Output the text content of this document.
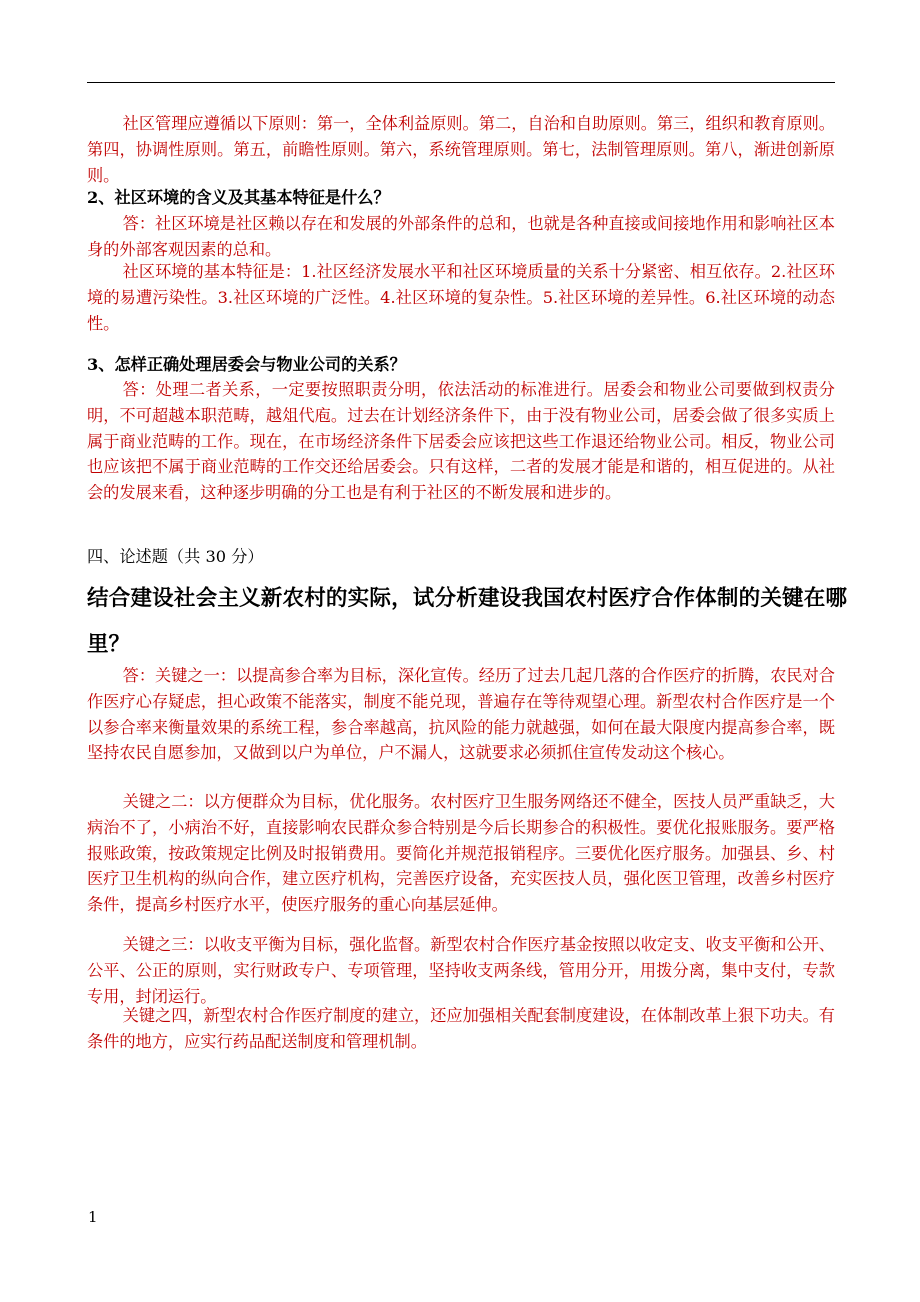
社区管理应遵循以下原则：第一，全体利益原则。第二，自治和自助原则。第三，组织和教育原则。第四，协调性原则。第五，前瞻性原则。第六，系统管理原则。第七，法制管理原则。第八，渐进创新原则。

2、社区环境的含义及其基本特征是什么？

答：社区环境是社区赖以存在和发展的外部条件的总和，也就是各种直接或间接地作用和影响社区本身的外部客观因素的总和。

社区环境的基本特征是：1.社区经济发展水平和社区环境质量的关系十分紧密、相互依存。2.社区环境的易遭污染性。3.社区环境的广泛性。4.社区环境的复杂性。5.社区环境的差异性。6.社区环境的动态性。

3、怎样正确处理居委会与物业公司的关系？

答：处理二者关系，一定要按照职责分明，依法活动的标准进行。居委会和物业公司要做到权责分明，不可超越本职范畴，越俎代庖。过去在计划经济条件下，由于没有物业公司，居委会做了很多实质上属于商业范畴的工作。现在，在市场经济条件下居委会应该把这些工作退还给物业公司。相反，物业公司也应该把不属于商业范畴的工作交还给居委会。只有这样，二者的发展才能是和谐的，相互促进的。从社会的发展来看，这种逐步明确的分工也是有利于社区的不断发展和进步的。

四、论述题（共 30 分）

结合建设社会主义新农村的实际，试分析建设我国农村医疗合作体制的关键在哪里？

答：关键之一：以提高参合率为目标，深化宣传。经历了过去几起几落的合作医疗的折腾，农民对合作医疗心存疑虑，担心政策不能落实，制度不能兑现，普遍存在等待观望心理。新型农村合作医疗是一个以参合率来衡量效果的系统工程，参合率越高，抗风险的能力就越强，如何在最大限度内提高参合率，既坚持农民自愿参加，又做到以户为单位，户不漏人，这就要求必须抓住宣传发动这个核心。

关键之二：以方便群众为目标，优化服务。农村医疗卫生服务网络还不健全，医技人员严重缺乏，大病治不了，小病治不好，直接影响农民群众参合特别是今后长期参合的积极性。要优化报账服务。要严格报账政策，按政策规定比例及时报销费用。要简化并规范报销程序。三要优化医疗服务。加强县、乡、村医疗卫生机构的纵向合作，建立医疗机构，完善医疗设备，充实医技人员，强化医卫管理，改善乡村医疗条件，提高乡村医疗水平，使医疗服务的重心向基层延伸。

关键之三：以收支平衡为目标，强化监督。新型农村合作医疗基金按照以收定支、收支平衡和公开、公平、公正的原则，实行财政专户、专项管理，坚持收支两条线，管用分开，用拨分离，集中支付，专款专用，封闭运行。

关键之四，新型农村合作医疗制度的建立，还应加强相关配套制度建设，在体制改革上狠下功夫。有条件的地方，应实行药品配送制度和管理机制。

1
